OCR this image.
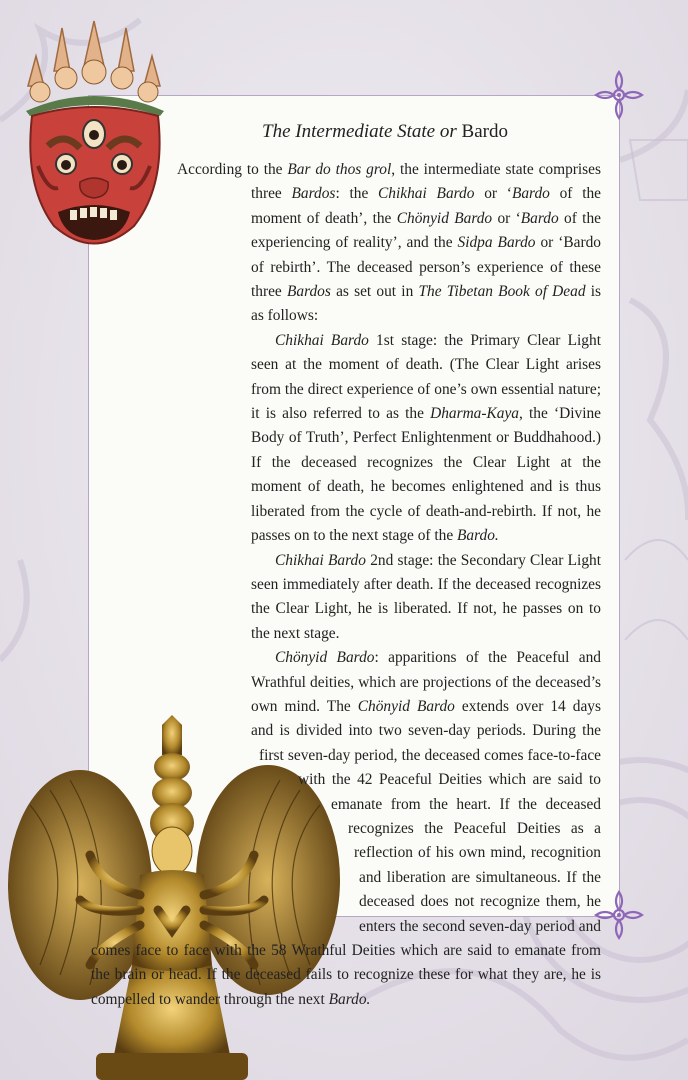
The Intermediate State or Bardo

According to the Bar do thos grol, the intermediate state comprises three Bardos: the Chikhai Bardo or ‘Bardo of the moment of death’, the Chönyid Bardo or ‘Bardo of the experiencing of reality’, and the Sidpa Bardo or ‘Bardo of rebirth’. The deceased person’s experience of these three Bardos as set out in The Tibetan Book of Dead is as follows:

Chikhai Bardo 1st stage: the Primary Clear Light seen at the moment of death. (The Clear Light arises from the direct experience of one’s own essential nature; it is also referred to as the Dharma-Kaya, the ‘Divine Body of Truth’, Perfect Enlightenment or Buddhahood.) If the deceased recognizes the Clear Light at the moment of death, he becomes enlightened and is thus liberated from the cycle of death-and-rebirth. If not, he passes on to the next stage of the Bardo.

Chikhai Bardo 2nd stage: the Secondary Clear Light seen immediately after death. If the deceased recognizes the Clear Light, he is liberated. If not, he passes on to the next stage.

Chönyid Bardo: apparitions of the Peaceful and Wrathful deities, which are projections of the deceased’s own mind. The Chönyid Bardo extends over 14 days and is divided into two seven-day periods. During the first seven-day period, the deceased comes face-to-face with the 42 Peaceful Deities which are said to emanate from the heart. If the deceased recognizes the Peaceful Deities as a reflection of his own mind, recognition and liberation are simultaneous. If the deceased does not recognize them, he enters the second seven-day period and comes face to face with the 58 Wrathful Deities which are said to emanate from the brain or head. If the deceased fails to recognize these for what they are, he is compelled to wander through the next Bardo.
